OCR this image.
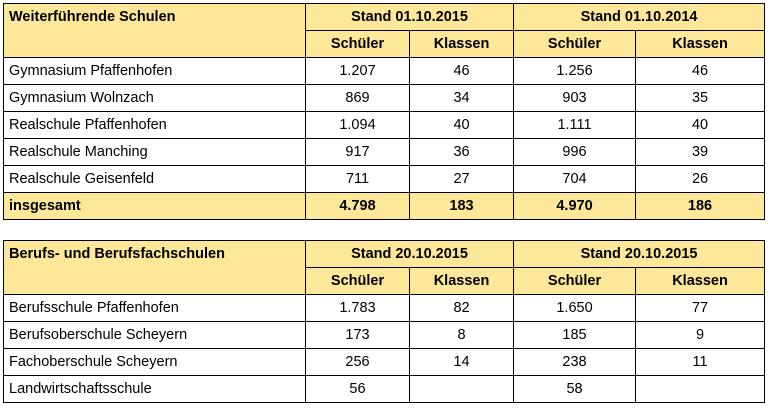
Weiterführende Schulen	Stand 01.10.2015		Stand 01.10.2014	
	Schüler	Klassen	Schüler	Klassen
Gymnasium Pfaffenhofen	1.207	46	1.256	46
Gymnasium Wolnzach	869	34	903	35
Realschule Pfaffenhofen	1.094	40	1.111	40
Realschule Manching	917	36	996	39
Realschule Geisenfeld	711	27	704	26
insgesamt	4.798	183	4.970	186
Berufs- und Berufsfachschulen	Stand 20.10.2015		Stand 20.10.2015	
	Schüler	Klassen	Schüler	Klassen
Berufsschule Pfaffenhofen	1.783	82	1.650	77
Berufsoberschule Scheyern	173	8	185	9
Fachoberschule Scheyern	256	14	238	11
Landwirtschaftsschule	56		58	
